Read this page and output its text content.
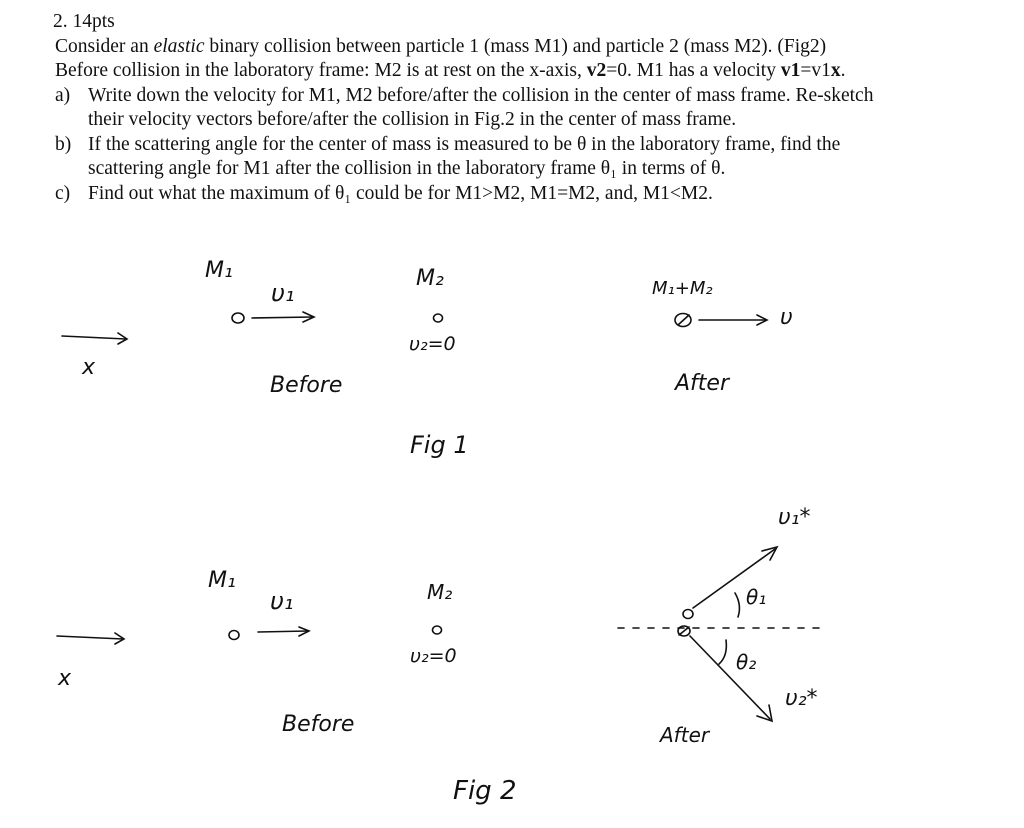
2. 14pts
Consider an elastic binary collision between particle 1 (mass M1) and particle 2 (mass M2). (Fig2)
Before collision in the laboratory frame: M2 is at rest on the x-axis, v2=0. M1 has a velocity v1=v1x.
a) Write down the velocity for M1, M2 before/after the collision in the center of mass frame. Re-sketch
their velocity vectors before/after the collision in Fig.2 in the center of mass frame.
b) If the scattering angle for the center of mass is measured to be θ in the laboratory frame, find the
scattering angle for M1 after the collision in the laboratory frame θ₁ in terms of θ.
c) Find out what the maximum of θ₁ could be for M1>M2, M1=M2, and, M1<M2.
M₁
υ₁
M₂
υ₂=0
M₁+M₂
υ
x
Before	After
Fig 1
M₁
υ₁	M₂
υ₂=0
x
Before	After
υ₁*
υ₂*
θ₁
θ₂
Fig 2
